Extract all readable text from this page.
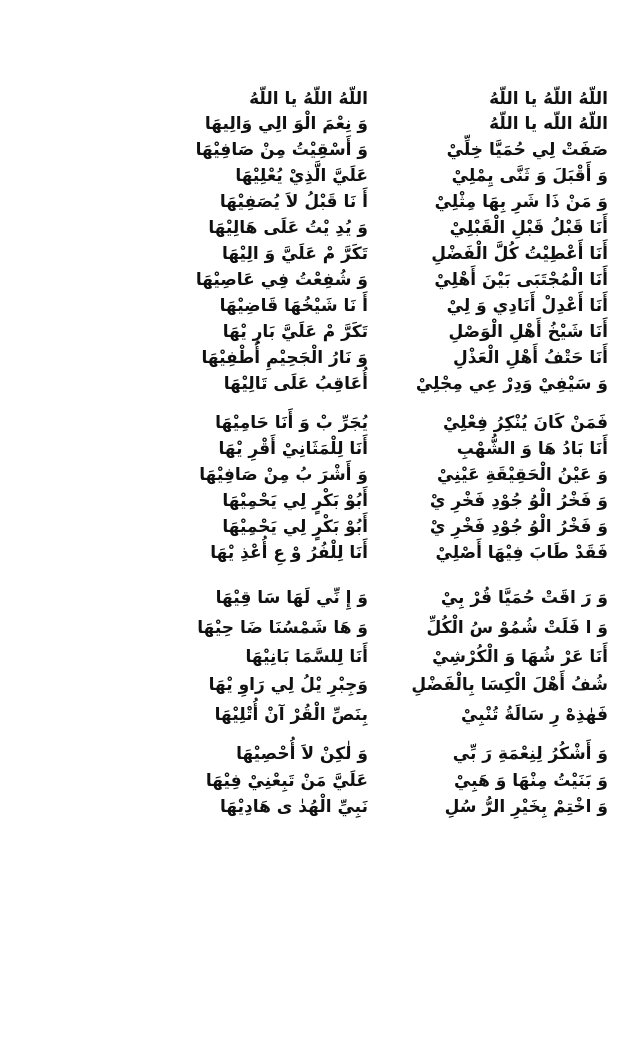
اللّهُ اللّهُ يا اللّهُ

اللّهُ اللّهُ يا اللّهُ

اللّهُ اللّه يا اللّهُ

وَ نِعْمَ الْوَ الِي وَالِيهَا

صَفَتْ لِي حُمَيَّا خِلِّيْ

وَ أَسْقِيْتُ مِنْ صَافِيْهَا

وَ أَقْبَلَ وَ ثَنَّى يِمْلِيْ

عَلَيَّ الَّذِيْ يُعْلِيْهَا

وَ مَنْ ذَا شَرِ بِهَا مِثْلِيْ

أَ نَا قَبْلُ لاَ يُصَفِيْهَا

أَنَا قَبْلُ قَبْلِ الْقَبْلِيْ

وَ يُدِ يْتُ عَلَى هَالِيْهَا

أَنَا أَعْطِيْتُ كُلَّ الْفَضْلِ

تَكَرَّ مْ عَلَيَّ وَ الِيْهَا

أَنَا الْمُجْتَبَى بَيْنَ أَهْلِيْ

وَ شُفِعْتُ فِي عَاصِيْهَا

أَنَا أَعْدِلْ أَنَادِي وَ لِيْ

أَ نَا شَيْخُهَا قَاضِيْهَا

أَنَا شَيْخُ أَهْلِ الْوَصْلِ

تَكَرَّ مْ عَلَيَّ بَارِ يْهَا

أَنَا حَتْفُ أَهْلِ الْعَذْلِ

وَ نَارُ الْجَحِيْمِ أُطْفِيْهَا

وَ سَيْفِيْ وَدِرْ عِي مِجْلِيْ

أُعَاقِبُ عَلَى تَالِيْهَا

فَمَنْ كَانَ يُنْكِرُ فِعْلِيْ

يُجَرِّ بْ وَ أَنَا حَامِيْهَا

أَنَا بَادُ هَا وَ الشُّهْبِ

أَنَا لِلْمَثَانِيْ أَقْرِ يْهَا

وَ عَيْنُ الْحَقِيْقَةِ عَيْنِيْ

وَ أَشْرَ بُ مِنْ صَافِيْهَا

وَ فَخْرُ الْوُ جُوْدِ فَخْرِ يْ

أَبُوْ بَكْرٍ لِي يَحْمِيْهَا

وَ فَخْرُ الْوُ جُوْدِ فَخْرِ يْ

أَبُوْ بَكْرٍ لِي يَحْمِيْهَا

فَقَدْ طَابَ فِيْهَا أَصْلِيْ

أَنَا لِلْفُرُ وْ عِ أُعْذِ يْهَا

وَ رَ اقَتْ حُمَيَّا قُرْ بِيْ

وَ إِ نِّي لَهَا سَا قِيْهَا

وَ ا فَلَتْ شُمُوْ سُ الْكُلِّ

وَ هَا شَمْسُنَا ضَا حِيْهَا

أَنَا عَرْ شُهَا وَ الْكُرْشِيْ

أَنَا لِلسَّمَا بَانِيْهَا

شُفُ أَهْلَ الْكِسَا بِالْفَضْلِ

وَجِبْرِ يْلُ لِي رَاوِ يْهَا

فَهٰذِهْ رِ سَالَةُ تُنْبِيْ

بِنَصِّ الْقُرْ آنْ أُتْلِيْهَا

وَ أَشْكُرُ لِنِعْمَةِ رَ بِّي

وَ لٰكِنْ لاَ أُحْصِيْهَا

وَ بَنَيْتُ مِنْهَا وَ هَبِيْ

عَلَيَّ مَنْ تَبِعْنِيْ فِيْهَا

وَ اخْتِمْ بِخَيْرِ الرُّ سُلِ

نَبِيِّ الْهُدٰ ى هَادِيْهَا
